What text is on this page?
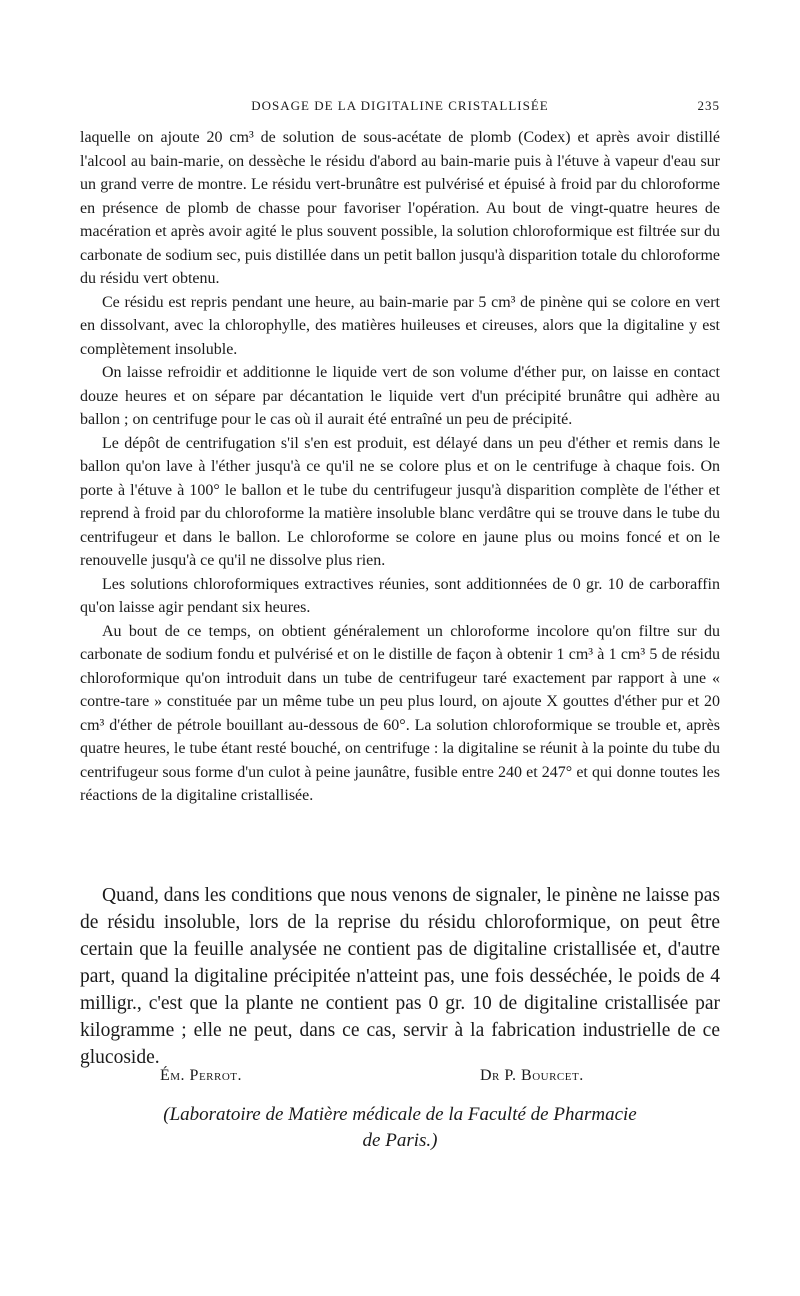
DOSAGE DE LA DIGITALINE CRISTALLISÉE	235

laquelle on ajoute 20 cm³ de solution de sous-acétate de plomb (Codex) et après avoir distillé l'alcool au bain-marie, on dessèche le résidu d'abord au bain-marie puis à l'étuve à vapeur d'eau sur un grand verre de montre. Le résidu vert-brunâtre est pulvérisé et épuisé à froid par du chloroforme en présence de plomb de chasse pour favoriser l'opération. Au bout de vingt-quatre heures de macération et après avoir agité le plus souvent possible, la solution chloroformique est filtrée sur du carbonate de sodium sec, puis distillée dans un petit ballon jusqu'à disparition totale du chloroforme du résidu vert obtenu.

Ce résidu est repris pendant une heure, au bain-marie par 5 cm³ de pinène qui se colore en vert en dissolvant, avec la chlorophylle, des matières huileuses et cireuses, alors que la digitaline y est complètement insoluble.

On laisse refroidir et additionne le liquide vert de son volume d'éther pur, on laisse en contact douze heures et on sépare par décantation le liquide vert d'un précipité brunâtre qui adhère au ballon ; on centrifuge pour le cas où il aurait été entraîné un peu de précipité.

Le dépôt de centrifugation s'il s'en est produit, est délayé dans un peu d'éther et remis dans le ballon qu'on lave à l'éther jusqu'à ce qu'il ne se colore plus et on le centrifuge à chaque fois. On porte à l'étuve à 100° le ballon et le tube du centrifugeur jusqu'à disparition complète de l'éther et reprend à froid par du chloroforme la matière insoluble blanc verdâtre qui se trouve dans le tube du centrifugeur et dans le ballon. Le chloroforme se colore en jaune plus ou moins foncé et on le renouvelle jusqu'à ce qu'il ne dissolve plus rien.

Les solutions chloroformiques extractives réunies, sont additionnées de 0 gr. 10 de carboraffin qu'on laisse agir pendant six heures.

Au bout de ce temps, on obtient généralement un chloroforme incolore qu'on filtre sur du carbonate de sodium fondu et pulvérisé et on le distille de façon à obtenir 1 cm³ à 1 cm³ 5 de résidu chloroformique qu'on introduit dans un tube de centrifugeur taré exactement par rapport à une « contre-tare » constituée par un même tube un peu plus lourd, on ajoute X gouttes d'éther pur et 20 cm³ d'éther de pétrole bouillant au-dessous de 60°. La solution chloroformique se trouble et, après quatre heures, le tube étant resté bouché, on centrifuge : la digitaline se réunit à la pointe du tube du centrifugeur sous forme d'un culot à peine jaunâtre, fusible entre 240 et 247° et qui donne toutes les réactions de la digitaline cristallisée.

Quand, dans les conditions que nous venons de signaler, le pinène ne laisse pas de résidu insoluble, lors de la reprise du résidu chloroformique, on peut être certain que la feuille analysée ne contient pas de digitaline cristallisée et, d'autre part, quand la digitaline précipitée n'atteint pas, une fois desséchée, le poids de 4 milligr., c'est que la plante ne contient pas 0 gr. 10 de digitaline cristallisée par kilogramme ; elle ne peut, dans ce cas, servir à la fabrication industrielle de ce glucoside.

Ém. Perrot.	Dr P. Bourcet.
(Laboratoire de Matière médicale de la Faculté de Pharmacie
de Paris.)
